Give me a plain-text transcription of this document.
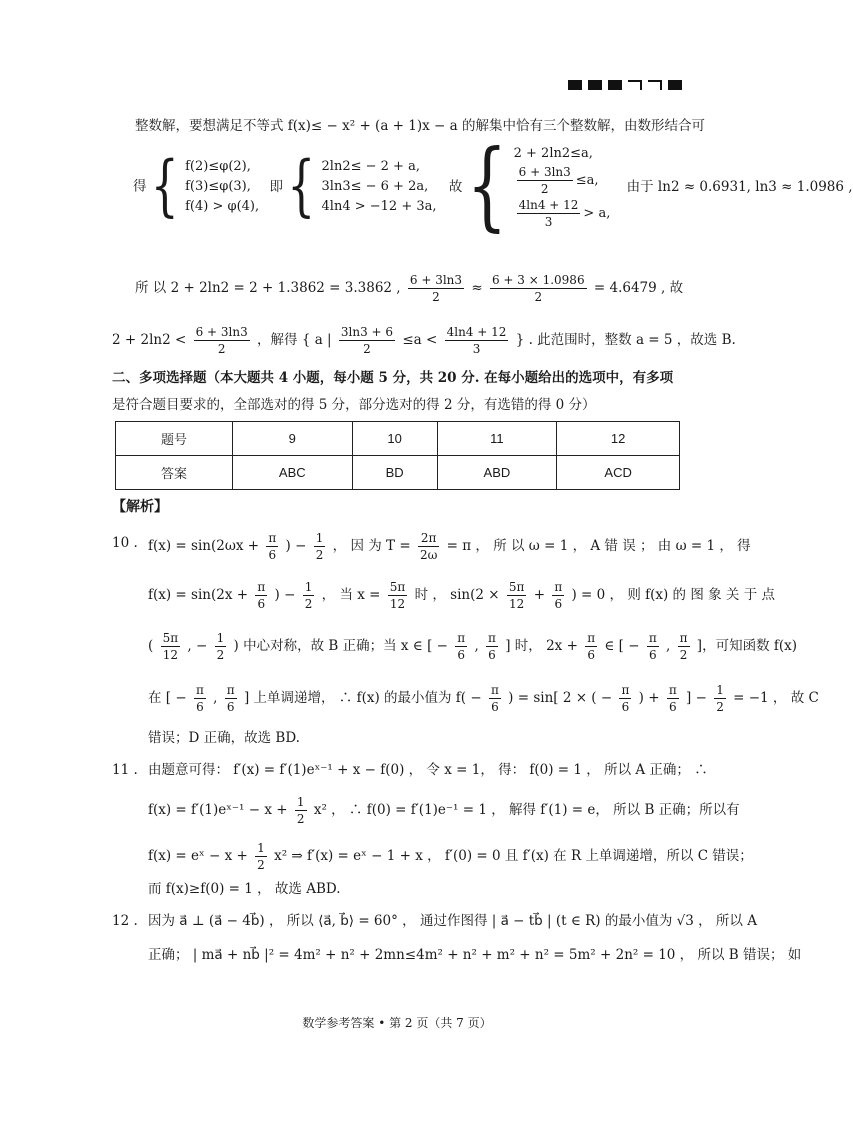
整数解，要想满足不等式 f(x)≤ − x² + (a + 1)x − a 的解集中恰有三个整数解，由数形结合可
得 { f(2)≤φ(2),
f(3)≤φ(3),
f(4) > φ(4),
即 { 2ln2≤ − 2 + a,
3ln3≤ − 6 + 2a,
4ln4 > −12 + 3a,
故 { 2 + 2ln2≤a,
$\frac{6 + 3\ln 3}{2} \le a$,
$\frac{4\ln 4 + 12}{3} > a$,
由于 ln2 ≈ 0.6931, ln3 ≈ 1.0986 ,
所 以 2 + 2ln2 = 2 + 1.3862 = 3.3862 , $\frac{6 + 3\ln 3}{2} \approx \frac{6 + 3 \times 1.0986}{2} = 4.6479$ , 故
$2 + 2\ln 2 < \frac{6 + 3\ln 3}{2}$ ，解得 { a | $\frac{3\ln 3 + 6}{2} \le a < \frac{4\ln 4 + 12}{3}$ } . 此范围时，整数 a = 5 ，故选 B.
二、多项选择题（本大题共 4 小题，每小题 5 分，共 20 分. 在每小题给出的选项中，有多项
是符合题目要求的，全部选对的得 5 分，部分选对的得 2 分，有选错的得 0 分）
题号	9	10	11	12
答案	ABC	BD	ABD	ACD
【解析】
10 . $f(x) = \sin(2\omega x + \frac{\pi}{6}$ ) − $\frac{1}{2}$ ， 因 为 $T = \frac{2\pi}{2\omega} = \pi$ ， 所 以 ω = 1 ， A 错 误 ； 由 ω = 1 ， 得
$f(x) = \sin(2x + \frac{\pi}{6}$ ) − $\frac{1}{2}$ ， 当 $x = \frac{5\pi}{12}$ 时 ， $\sin(2 \times \frac{5\pi}{12} + \frac{\pi}{6}$ ) = 0 ， 则 f(x) 的 图 象 关 于 点
( $\frac{5\pi}{12}$ , − $\frac{1}{2}$ ) 中心对称，故 B 正确；当 x ∈ [ − $\frac{\pi}{6}$ , $\frac{\pi}{6}$ ] 时， $2x + \frac{\pi}{6}$ ∈ [ − $\frac{\pi}{6}$ , $\frac{\pi}{2}$ ]，可知函数 f(x)
在 [ − $\frac{\pi}{6}$ , $\frac{\pi}{6}$ ] 上单调递增， ∴ f(x) 的最小值为 $f( - \frac{\pi}{6}$ ) = sin[ 2 × ( − $\frac{\pi}{6}$ ) + $\frac{\pi}{6}$ ] − $\frac{1}{2} = -1$ ， 故 C
错误；D 正确，故选 BD.
11 . 由题意可得： f′(x) = f′(1)eˣ⁻¹ + x − f(0) ， 令 x = 1， 得： f(0) = 1 ， 所以 A 正确； ∴
f(x) = f′(1)eˣ⁻¹ − $x + \frac{1}{2} x^2$ ， ∴ f(0) = f′(1)e⁻¹ = 1 ， 解得 f′(1) = e， 所以 B 正确；所以有
f(x) = eˣ − $x + \frac{1}{2} x^2$ ⇒ f′(x) = eˣ − 1 + x ， f′(0) = 0 且 f′(x) 在 R 上单调递增，所以 C 错误；
而 f(x)≥f(0) = 1 ， 故选 ABD.
12 . 因为 a⃗ ⊥ (a⃗ − 4b⃗) ， 所以 ⟨a⃗, b⃗⟩ = 60° ， 通过作图得 | a⃗ − tb⃗ | (t ∈ R) 的最小值为 √3 ， 所以 A
正确； | ma⃗ + nb⃗ |² = 4m² + n² + 2mn≤4m² + n² + m² + n² = 5m² + 2n² = 10 ， 所以 B 错误； 如
数学参考答案 • 第 2 页（共 7 页）
